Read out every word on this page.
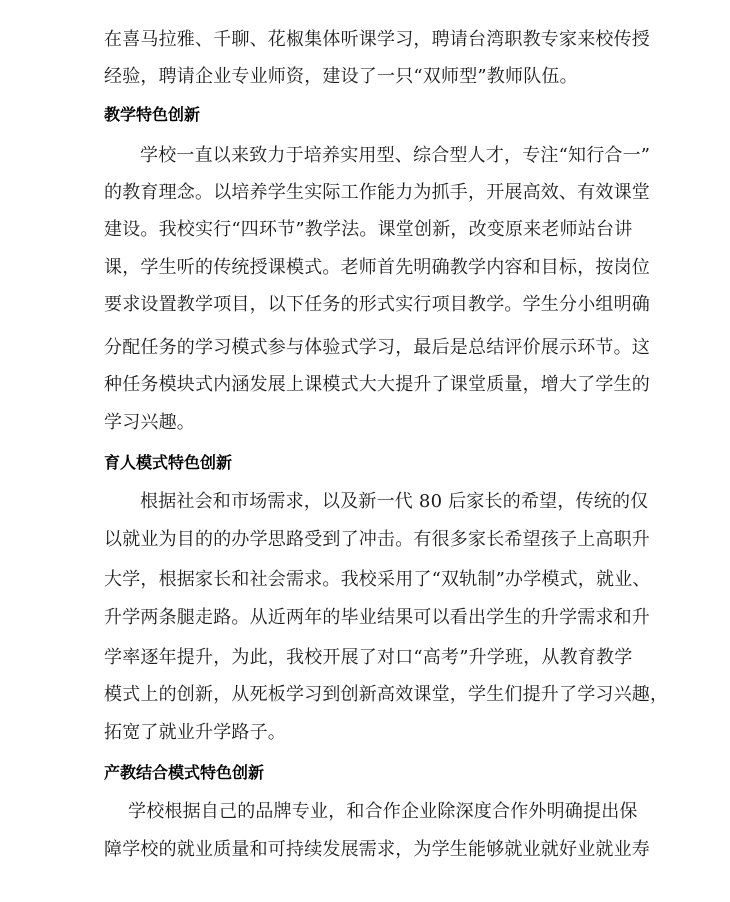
在喜马拉雅、千聊、花椒集体听课学习，聘请台湾职教专家来校传授
经验，聘请企业专业师资，建设了一只“双师型”教师队伍。
教学特色创新
学校一直以来致力于培养实用型、综合型人才，专注“知行合一”
的教育理念。以培养学生实际工作能力为抓手，开展高效、有效课堂
建设。我校实行“四环节”教学法。课堂创新，改变原来老师站台讲
课，学生听的传统授课模式。老师首先明确教学内容和目标，按岗位
要求设置教学项目，以下任务的形式实行项目教学。学生分小组明确
分配任务的学习模式参与体验式学习，最后是总结评价展示环节。这
种任务模块式内涵发展上课模式大大提升了课堂质量，增大了学生的
学习兴趣。
育人模式特色创新
根据社会和市场需求，以及新一代 80 后家长的希望，传统的仅
以就业为目的的办学思路受到了冲击。有很多家长希望孩子上高职升
大学，根据家长和社会需求。我校采用了“双轨制”办学模式，就业、
升学两条腿走路。从近两年的毕业结果可以看出学生的升学需求和升
学率逐年提升，为此，我校开展了对口“高考”升学班，从教育教学
模式上的创新，从死板学习到创新高效课堂，学生们提升了学习兴趣，
拓宽了就业升学路子。
产教结合模式特色创新
学校根据自己的品牌专业，和合作企业除深度合作外明确提出保
障学校的就业质量和可持续发展需求，为学生能够就业就好业就业寿
